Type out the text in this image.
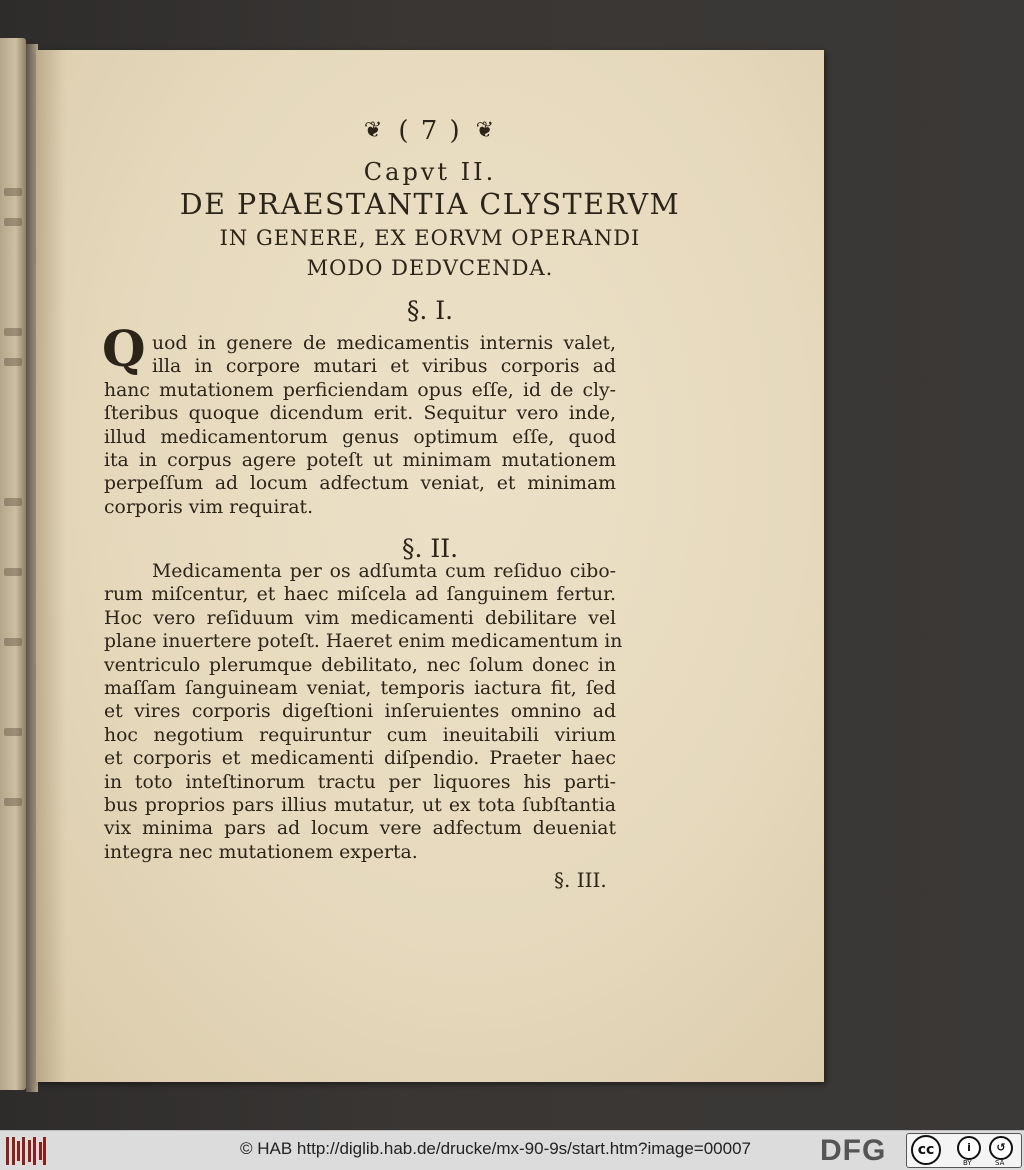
❦ ( 7 ) ❦
Capvt II.
DE PRAESTANTIA CLYSTERVM
IN GENERE, EX EORVM OPERANDI
MODO DEDVCENDA.
§. I.
Q uod in genere de medicamentis internis valet,
illa in corpore mutari et viribus corporis ad
hanc mutationem perficiendam opus eſſe, id de cly-
ſteribus quoque dicendum erit. Sequitur vero inde,
illud medicamentorum genus optimum eſſe, quod
ita in corpus agere poteſt ut minimam mutationem
perpeſſum ad locum adfectum veniat, et minimam
corporis vim requirat.
§. II.
Medicamenta per os adſumta cum reſiduo cibo-
rum miſcentur, et haec miſcela ad ſanguinem fertur.
Hoc vero reſiduum vim medicamenti debilitare vel
plane inuertere poteſt. Haeret enim medicamentum in
ventriculo plerumque debilitato, nec ſolum donec in
maſſam ſanguineam veniat, temporis iactura fit, ſed
et vires corporis digeſtioni inſeruientes omnino ad
hoc negotium requiruntur cum ineuitabili virium
et corporis et medicamenti diſpendio. Praeter haec
in toto inteſtinorum tractu per liquores his parti-
bus proprios pars illius mutatur, ut ex tota ſubſtantia
vix minima pars ad locum vere adfectum deueniat
integra nec mutationem experta.
§. III.
© HAB http://diglib.hab.de/drucke/mx-90-9s/start.htm?image=00007 DFG	cc	i	↺
BY	SA
